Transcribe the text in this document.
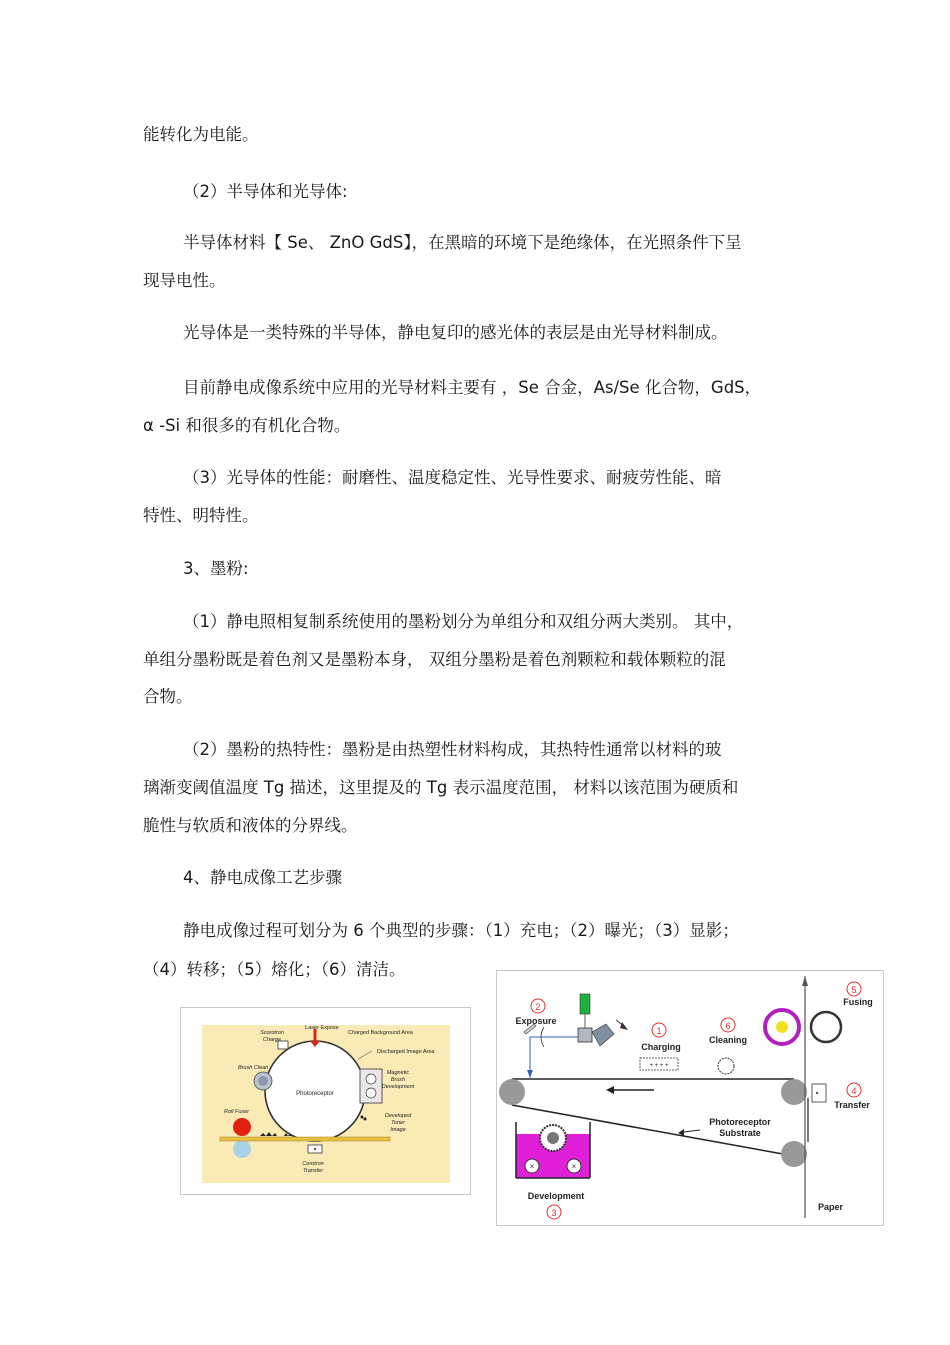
能转化为电能。
（2）半导体和光导体:
半导体材料【 Se、 ZnO GdS】，在黑暗的环境下是绝缘体，在光照条件下呈
现导电性。
光导体是一类特殊的半导体，静电复印的感光体的表层是由光导材料制成。
目前静电成像系统中应用的光导材料主要有 ，Se 合金，As/Se 化合物，GdS，
α -Si 和很多的有机化合物。
（3）光导体的性能：耐磨性、温度稳定性、光导性要求、耐疲劳性能、暗
特性、明特性。
3、墨粉:
（1）静电照相复制系统使用的墨粉划分为单组分和双组分两大类别。 其中，
单组分墨粉既是着色剂又是墨粉本身， 双组分墨粉是着色剂颗粒和载体颗粒的混
合物。
（2）墨粉的热特性：墨粉是由热塑性材料构成，其热特性通常以材料的玻
璃渐变阈值温度 Tg 描述，这里提及的 Tg 表示温度范围， 材料以该范围为硬质和
脆性与软质和液体的分界线。
4、静电成像工艺步骤
静电成像过程可划分为 6 个典型的步骤：（1）充电；（2）曝光；（3）显影；
（4）转移；（5）熔化；（6）清洁。
Photoreceptor
Laser Expose
Scorotron
Charge
Charged Background Area
Discharged Image Area
Brush Clean
Magnetic
Brush
Development
Developed
Toner
Image
Roll Fuser
Corotron
Transfer
Photoreceptor
Substrate
Paper
4
Transfer
5
Fusing
2
Exposure
1
Charging
+ + + +
6
Cleaning
×	×
Development
3
